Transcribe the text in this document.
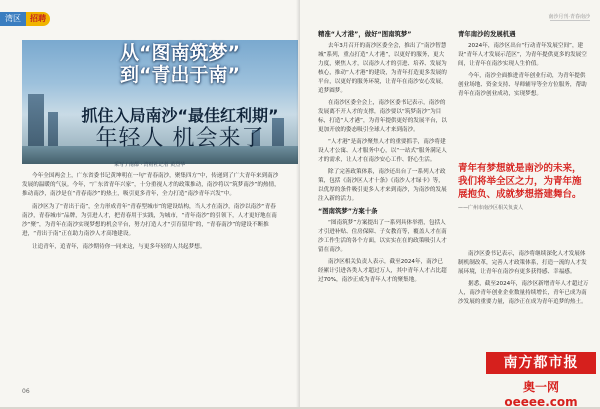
湾区	招聘
从“图南筑梦”
到“青出于南”
抓住入局南沙“最佳红利期”
年轻人 机会来了
采写 / 南都 · 湾财社记者 黄烈华

今年全国两会上，广东省委书记黄坤明在一句“青春南沙，聚集四方”中，传递到了广大青年来到南沙发展的温暖的气氛。今年，“广东省青年兴家”，十分重视人才的政策推动，南沙将以“筑梦南沙”的热情，推动南沙，南沙是在“青春南沙”的热土，吸引更多青年，全力打造“南沙青年兴发”中。

南沙区为了“青出于南”，全力形成青年“青春型城市”的建设结构，当人才在南沙，南沙以南沙“青春南沙，青春城市”品牌，为引进人才，把青春用于实践，为城市，“青年南沙”的引领下，人才更好地在南沙“聚”，为青年在南沙实现梦想的机会平台，努力打造人才“引育留用”的，“青春南沙”的建设不断推进，“青出于南”正在助力南沙人才高地建设。

让追青年，追青年，南沙期待你一同来这，与更多年轻的人共起梦想。

06
南沙月刊·青春南沙
精准“人才港”，做好“图南筑梦”

去年3月召开的南沙区委全会，推出了“南沙智慧城”系列，重点打造“人才港”，以更好的服务，更大力度，聚焦人才，以南沙人才的引进、培养、发展为核心，推动“人才港”的建设，为青年打造更多发展的平台，以更好的服务环境，让青年在南沙安心发展，追梦圆梦。

在南沙区委全会上，南沙区委书记表示，南沙的发展离不开人才的支撑，南沙要以“筑梦南沙”为目标，打造“人才港”，为青年提供更好的发展平台，以更加开放的姿态吸引全球人才来到南沙。

“人才港”是南沙聚焦人才的重要抓手，南沙将建设人才公寓、人才服务中心，以“一站式”服务满足人才的需求，让人才在南沙安心工作、舒心生活。

除了完善政策体系，南沙还出台了一系列人才政策，包括《南沙区人才十条》《南沙人才绿卡》等，以优厚的条件吸引更多人才来到南沙，为南沙的发展注入新的活力。

“图南筑梦”方案十条

“图南筑梦”方案提出了一系列具体举措，包括人才引进补贴、住房保障、子女教育等，覆盖人才在南沙工作生活的各个方面，以实实在在的政策吸引人才留在南沙。

南沙区相关负责人表示，截至2024年，南沙已经累计引进各类人才超过万人，其中青年人才占比超过70%，南沙正成为青年人才的聚集地。

青年南沙的发展机遇

2024年，南沙区出台“行动青年发展空间”，建设“青年人才发展示范区”，为青年提供更多的发展空间，让青年在南沙实现人生价值。

今年，南沙全面推进青年创业行动，为青年提供创业场地、资金支持、导师辅导等全方位服务，帮助青年在南沙创业成功，实现梦想。

青年有梦想就是南沙的未来，我们将举全区之力，为青年施展抱负、成就梦想搭建舞台。
——广州市南沙区相关负责人

南沙区委书记表示，南沙将继续深化人才发展体制机制改革，完善人才政策体系，打造一流的人才发展环境，让青年在南沙有更多获得感、幸福感。

据悉，截至2024年，南沙区新增青年人才超过万人，南沙青年创业企业数量持续增长，青年已成为南沙发展的重要力量，南沙正在成为青年追梦的热土。

南方都市报
奥一网 oeeee.com
